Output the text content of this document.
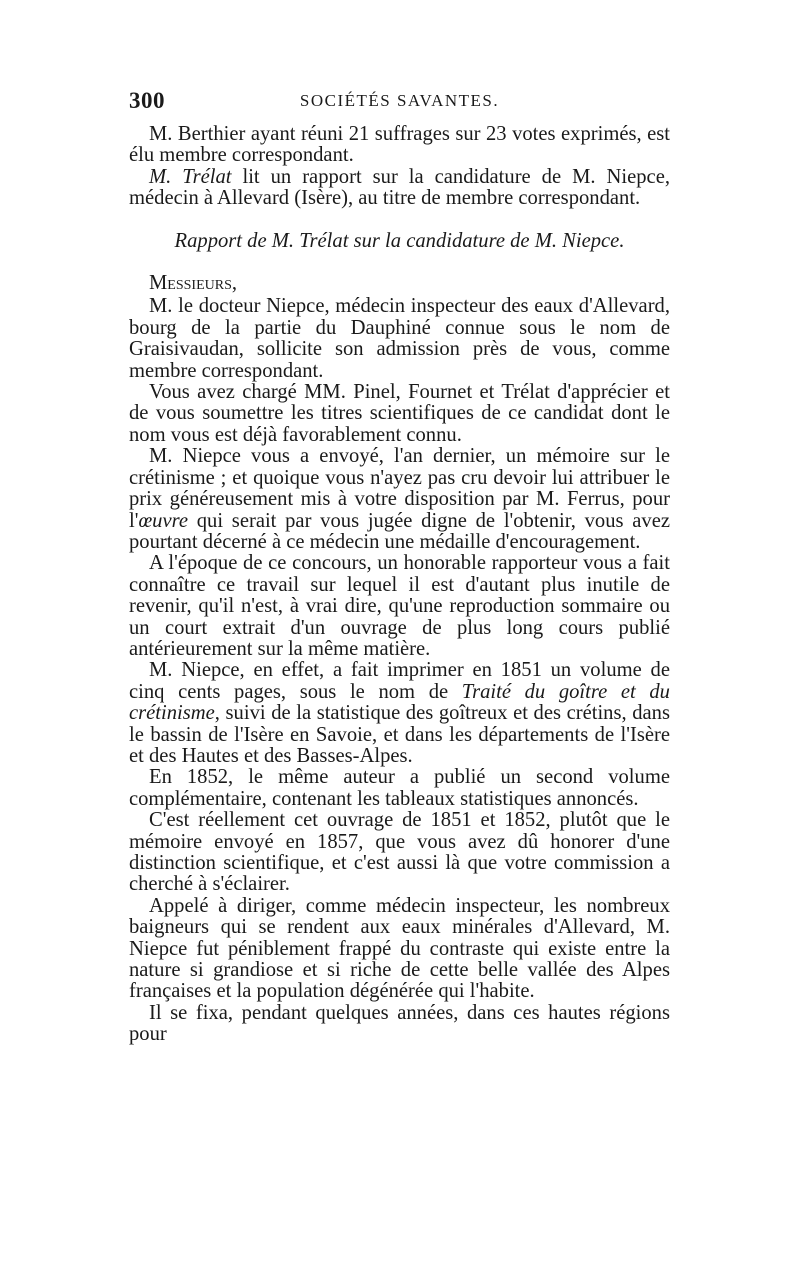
300	SOCIÉTÉS SAVANTES.

M. Berthier ayant réuni 21 suffrages sur 23 votes exprimés, est élu membre correspondant.

M. Trélat lit un rapport sur la candidature de M. Niepce, médecin à Allevard (Isère), au titre de membre correspondant.

Rapport de M. Trélat sur la candidature de M. Niepce.

Messieurs,

M. le docteur Niepce, médecin inspecteur des eaux d'Allevard, bourg de la partie du Dauphiné connue sous le nom de Graisivaudan, sollicite son admission près de vous, comme membre correspondant.

Vous avez chargé MM. Pinel, Fournet et Trélat d'apprécier et de vous soumettre les titres scientifiques de ce candidat dont le nom vous est déjà favorablement connu.

M. Niepce vous a envoyé, l'an dernier, un mémoire sur le crétinisme ; et quoique vous n'ayez pas cru devoir lui attribuer le prix généreusement mis à votre disposition par M. Ferrus, pour l'œuvre qui serait par vous jugée digne de l'obtenir, vous avez pourtant décerné à ce médecin une médaille d'encouragement.

A l'époque de ce concours, un honorable rapporteur vous a fait connaître ce travail sur lequel il est d'autant plus inutile de revenir, qu'il n'est, à vrai dire, qu'une reproduction sommaire ou un court extrait d'un ouvrage de plus long cours publié antérieurement sur la même matière.

M. Niepce, en effet, a fait imprimer en 1851 un volume de cinq cents pages, sous le nom de Traité du goître et du crétinisme, suivi de la statistique des goîtreux et des crétins, dans le bassin de l'Isère en Savoie, et dans les départements de l'Isère et des Hautes et des Basses-Alpes.

En 1852, le même auteur a publié un second volume complémentaire, contenant les tableaux statistiques annoncés.

C'est réellement cet ouvrage de 1851 et 1852, plutôt que le mémoire envoyé en 1857, que vous avez dû honorer d'une distinction scientifique, et c'est aussi là que votre commission a cherché à s'éclairer.

Appelé à diriger, comme médecin inspecteur, les nombreux baigneurs qui se rendent aux eaux minérales d'Allevard, M. Niepce fut péniblement frappé du contraste qui existe entre la nature si grandiose et si riche de cette belle vallée des Alpes françaises et la population dégénérée qui l'habite.

Il se fixa, pendant quelques années, dans ces hautes régions pour
